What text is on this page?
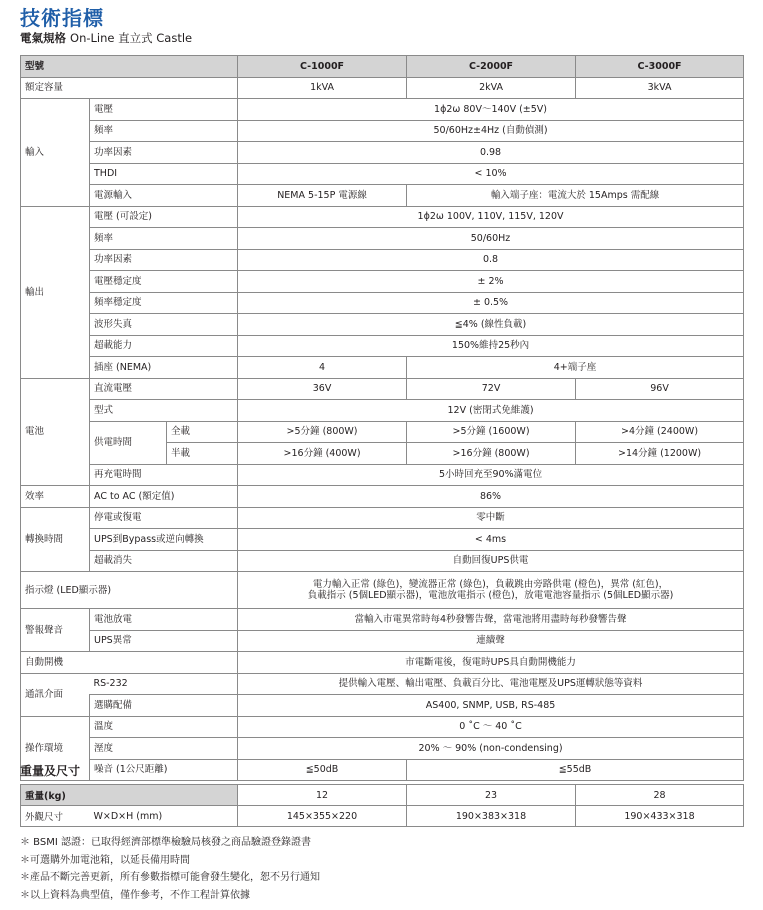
技術指標
電氣規格 On-Line 直立式 Castle
型號			C-1000F	C-2000F	C-3000F
額定容量			1kVA	2kVA	3kVA
輸入	電壓		1ϕ2ω 80V～140V (±5V)		
	頻率		50/60Hz±4Hz (自動偵測)		
	功率因素		0.98		
	THDI		< 10%		
	電源輸入		NEMA 5-15P 電源線	輸入端子座：電流大於 15Amps 需配線	
輸出	電壓 (可設定)		1ϕ2ω 100V, 110V, 115V, 120V		
	頻率		50/60Hz		
	功率因素		0.8		
	電壓穩定度		± 2%		
	頻率穩定度		± 0.5%		
	波形失真		≦4% (線性負載)		
	超載能力		150%維持25秒內		
	插座 (NEMA)		4	4+端子座	
電池	直流電壓		36V	72V	96V
	型式		12V (密閉式免維護)		
	供電時間	全載	>5分鐘 (800W)	>5分鐘 (1600W)	>4分鐘 (2400W)
		半載	>16分鐘 (400W)	>16分鐘 (800W)	>14分鐘 (1200W)
	再充電時間		5小時回充至90%滿電位		
效率	AC to AC (額定值)		86%		
轉換時間	停電或復電		零中斷		
	UPS到Bypass或逆向轉換		< 4ms		
	超載消失		自動回復UPS供電		
指示燈 (LED顯示器)			電力輸入正常 (綠色)，變流器正常 (綠色)，負載跳由旁路供電 (橙色)，異常 (紅色)，
負載指示 (5個LED顯示器)，電池放電指示 (橙色)，放電電池容量指示 (5個LED顯示器)		

警報聲音	電池放電		當輸入市電異常時每4秒發響告聲，當電池將用盡時每秒發響告聲		
	UPS異常		連續聲		
自動開機			市電斷電後，復電時UPS具自動開機能力		
通訊介面	RS-232		提供輸入電壓、輸出電壓、負載百分比、電池電壓及UPS運轉狀態等資料		
	選購配備		AS400, SNMP, USB, RS-485		
操作環境	溫度		0 ˚C ～ 40 ˚C		
	溼度		20% ～ 90% (non-condensing)		
	噪音 (1公尺距離)		≦50dB	≦55dB	
重量及尺寸
重量(kg)		12	23	28
外觀尺寸	W×D×H (mm)	145×355×220	190×383×318	190×433×318
＊ BSMI 認證：已取得經濟部標準檢驗局核發之商品驗證登錄證書
＊可選購外加電池箱，以延長備用時間
＊產品不斷完善更新，所有參數指標可能會發生變化，恕不另行通知
＊以上資料為典型值，僅作參考，不作工程計算依據
